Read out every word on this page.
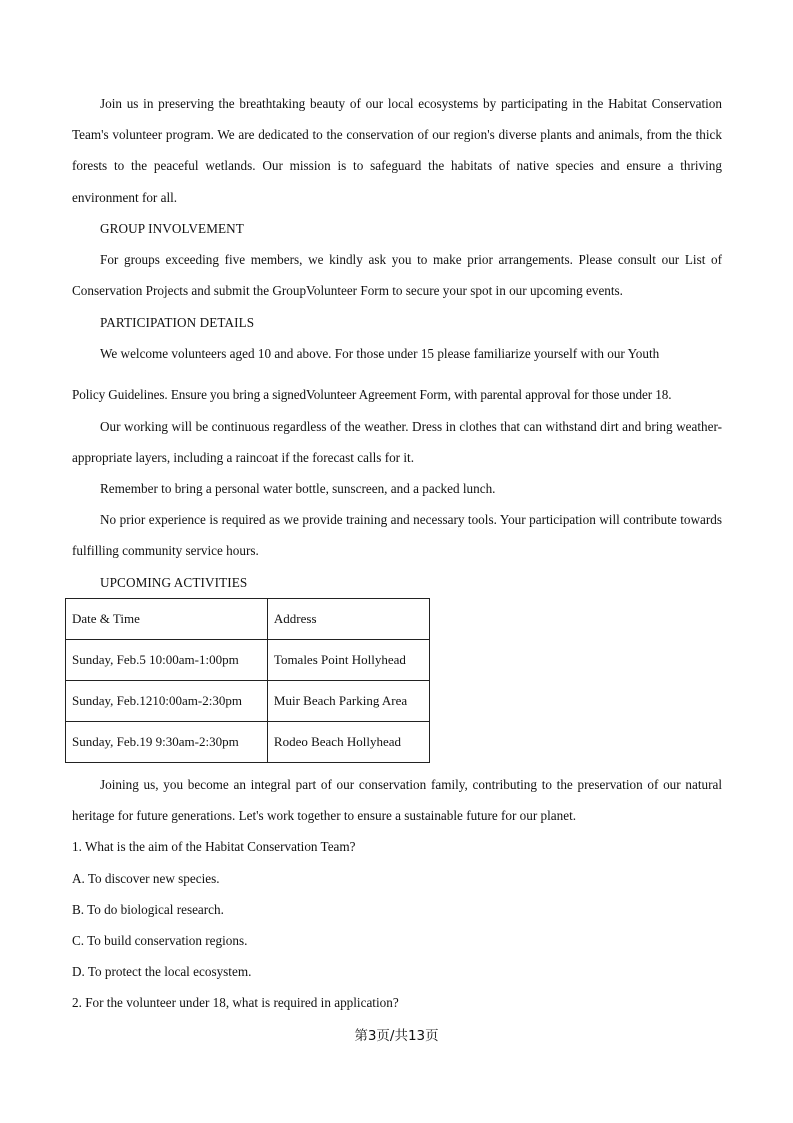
Join us in preserving the breathtaking beauty of our local ecosystems by participating in the Habitat Conservation Team's volunteer program. We are dedicated to the conservation of our region's diverse plants and animals, from the thick forests to the peaceful wetlands. Our mission is to safeguard the habitats of native species and ensure a thriving environment for all.

GROUP INVOLVEMENT

For groups exceeding five members, we kindly ask you to make prior arrangements. Please consult our List of Conservation Projects and submit the GroupVolunteer Form to secure your spot in our upcoming events.

PARTICIPATION DETAILS

We welcome volunteers aged 10 and above. For those under 15 please familiarize yourself with our Youth

Policy Guidelines. Ensure you bring a signedVolunteer Agreement Form, with parental approval for those under 18.

Our working will be continuous regardless of the weather. Dress in clothes that can withstand dirt and bring weather-appropriate layers, including a raincoat if the forecast calls for it.

Remember to bring a personal water bottle, sunscreen, and a packed lunch.

No prior experience is required as we provide training and necessary tools. Your participation will contribute towards fulfilling community service hours.

UPCOMING ACTIVITIES

Date & Time	Address
Sunday, Feb.5 10:00am-1:00pm	Tomales Point Hollyhead
Sunday, Feb.1210:00am-2:30pm	Muir Beach Parking Area
Sunday, Feb.19 9:30am-2:30pm	Rodeo Beach Hollyhead

Joining us, you become an integral part of our conservation family, contributing to the preservation of our natural heritage for future generations. Let's work together to ensure a sustainable future for our planet.

1. What is the aim of the Habitat Conservation Team?

A. To discover new species.

B. To do biological research.

C. To build conservation regions.

D. To protect the local ecosystem.

2. For the volunteer under 18, what is required in application?

第3页/共13页
